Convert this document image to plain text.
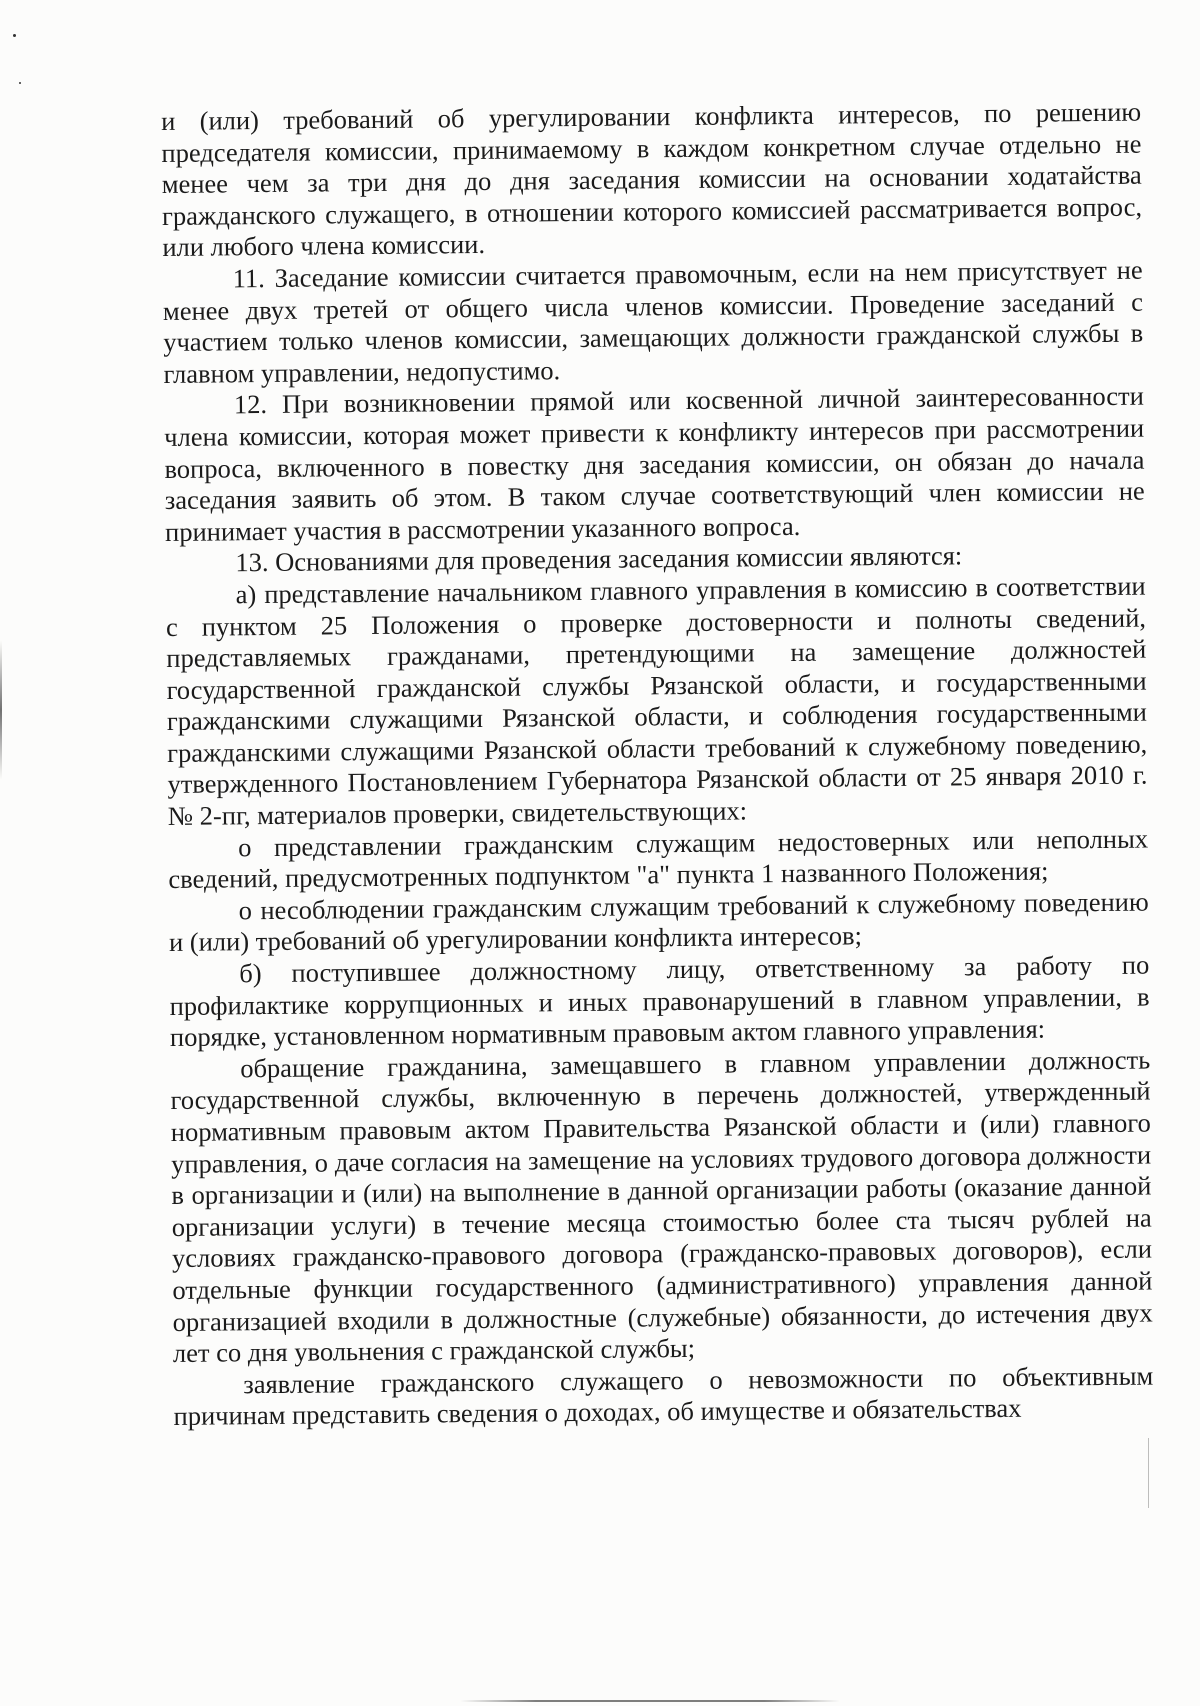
и (или) требований об урегулировании конфликта интересов, по решению председателя комиссии, принимаемому в каждом конкретном случае отдельно не менее чем за три дня до дня заседания комиссии на основании ходатайства гражданского служащего, в отношении которого комиссией рассматривается вопрос, или любого члена комиссии.

11. Заседание комиссии считается правомочным, если на нем присутствует не менее двух третей от общего числа членов комиссии. Проведение заседаний с участием только членов комиссии, замещающих должности гражданской службы в главном управлении, недопустимо.

12. При возникновении прямой или косвенной личной заинтересованности члена комиссии, которая может привести к конфликту интересов при рассмотрении вопроса, включенного в повестку дня заседания комиссии, он обязан до начала заседания заявить об этом. В таком случае соответствующий член комиссии не принимает участия в рассмотрении указанного вопроса.

13. Основаниями для проведения заседания комиссии являются:

а) представление начальником главного управления в комиссию в соответствии с пунктом 25 Положения о проверке достоверности и полноты сведений, представляемых гражданами, претендующими на замещение должностей государственной гражданской службы Рязанской области, и государственными гражданскими служащими Рязанской области, и соблюдения государственными гражданскими служащими Рязанской области требований к служебному поведению, утвержденного Постановлением Губернатора Рязанской области от 25 января 2010 г. № 2-пг, материалов проверки, свидетельствующих:

о представлении гражданским служащим недостоверных или неполных сведений, предусмотренных подпунктом "а" пункта 1 названного Положения;

о несоблюдении гражданским служащим требований к служебному поведению и (или) требований об урегулировании конфликта интересов;

б) поступившее должностному лицу, ответственному за работу по профилактике коррупционных и иных правонарушений в главном управлении, в порядке, установленном нормативным правовым актом главного управления:

обращение гражданина, замещавшего в главном управлении должность государственной службы, включенную в перечень должностей, утвержденный нормативным правовым актом Правительства Рязанской области и (или) главного управления, о даче согласия на замещение на условиях трудового договора должности в организации и (или) на выполнение в данной организации работы (оказание данной организации услуги) в течение месяца стоимостью более ста тысяч рублей на условиях гражданско-правового договора (гражданско-правовых договоров), если отдельные функции государственного (административного) управления данной организацией входили в должностные (служебные) обязанности, до истечения двух лет со дня увольнения с гражданской службы;

заявление гражданского служащего о невозможности по объективным причинам представить сведения о доходах, об имуществе и обязательствах
